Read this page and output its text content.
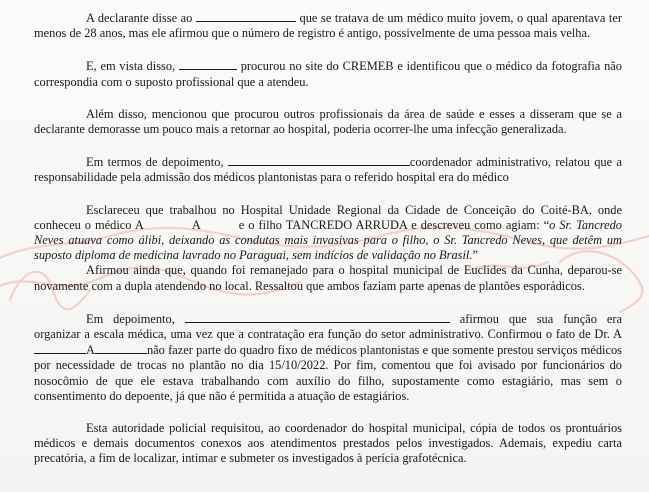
A declarante disse ao	que se tratava de um médico muito jovem, o qual aparentava ter menos de 28 anos, mas ele afirmou que o número de registro é antigo, possivelmente de uma pessoa mais velha.

E, em vista disso,	procurou no site do CREMEB e identificou que o médico da fotografia não correspondia com o suposto profissional que a atendeu.

Além disso, mencionou que procurou outros profissionais da área de saúde e esses a disseram que se a declarante demorasse um pouco mais a retornar ao hospital, poderia ocorrer-lhe uma infecção generalizada.

Em termos de depoimento,	coordenador administrativo, relatou que a responsabilidade pela admissão dos médicos plantonistas para o referido hospital era do médico

Esclareceu que trabalhou no Hospital Unidade Regional da Cidade de Conceição do Coité-BA, onde conheceu o médico A	A	e o filho TANCREDO ARRUDA e descreveu como agiam: “o Sr. Tancredo Neves atuava como álibi, deixando as condutas mais invasivas para o filho, o Sr. Tancredo Neves, que detêm um suposto diploma de medicina lavrado no Paraguai, sem indícios de validação no Brasil.”

Afirmou ainda que, quando foi remanejado para o hospital municipal de Euclides da Cunha, deparou-se novamente com a dupla atendendo no local. Ressaltou que ambos faziam parte apenas de plantões esporádicos.

Em depoimento,	afirmou que sua função era organizar a escala médica, uma vez que a contratação era função do setor administrativo. Confirmou o fato de Dr. AA	não fazer parte do quadro fixo de médicos plantonistas e que somente prestou serviços médicos por necessidade de trocas no plantão no dia 15/10/2022. Por fim, comentou que foi avisado por funcionários do nosocômio de que ele estava trabalhando com auxílio do filho, supostamente como estagiário, mas sem o consentimento do depoente, já que não é permitida a atuação de estagiários.

Esta autoridade policial requisitou, ao coordenador do hospital municipal, cópia de todos os prontuários médicos e demais documentos conexos aos atendimentos prestados pelos investigados. Ademais, expediu carta precatória, a fim de localizar, intimar e submeter os investigados à perícia grafotécnica.
